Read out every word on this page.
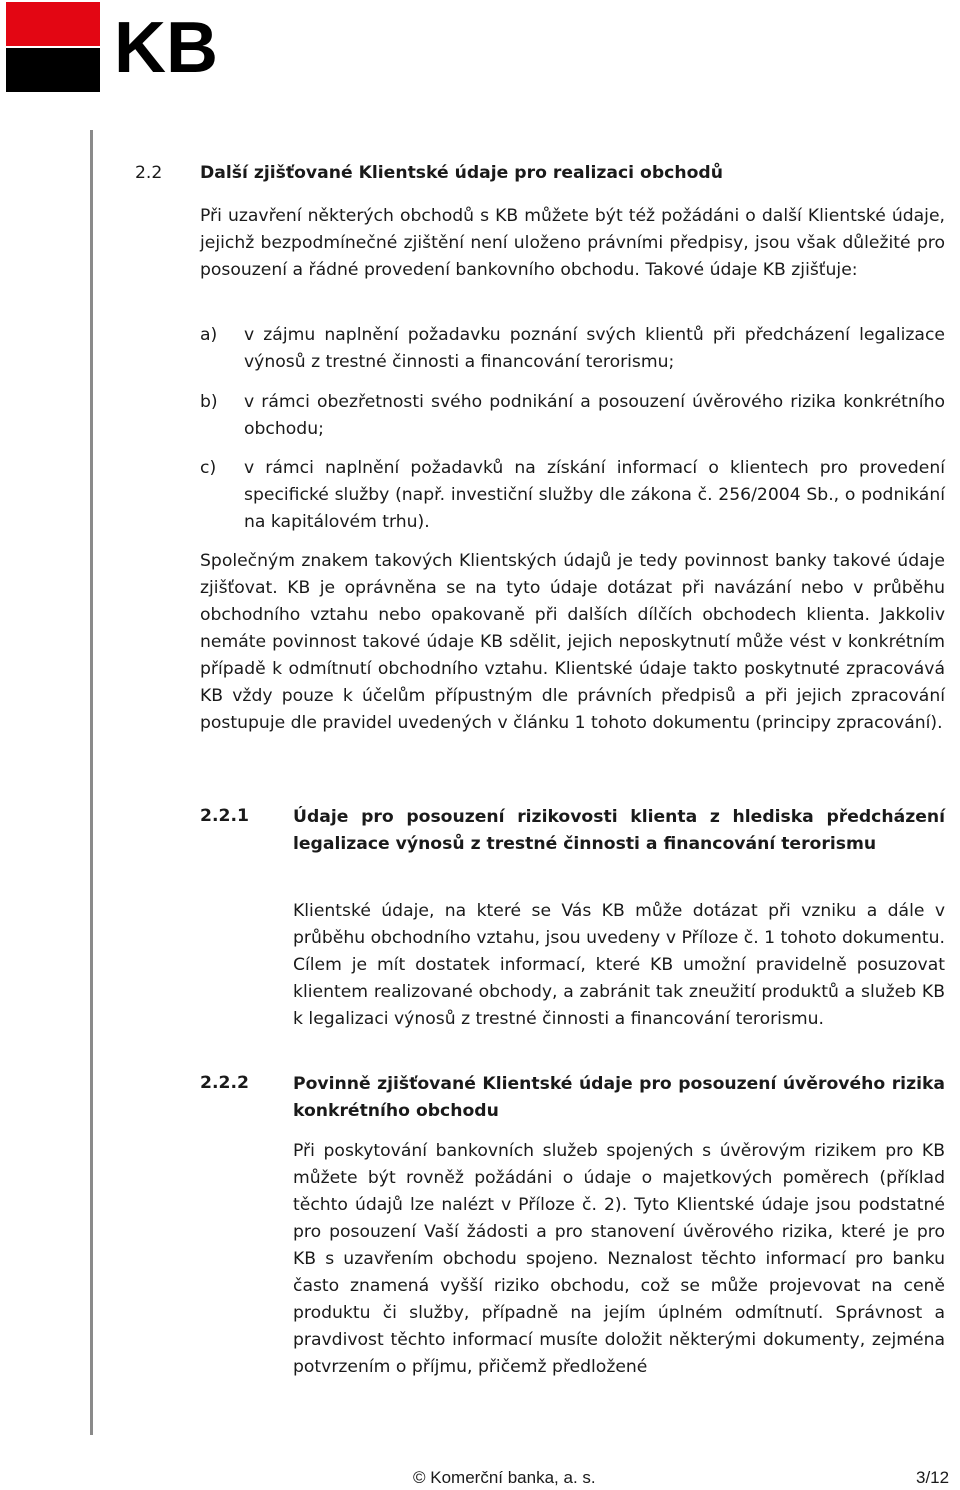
KB
2.2 Další zjišťované Klientské údaje pro realizaci obchodů
Při uzavření některých obchodů s KB můžete být též požádáni o další Klientské údaje, jejichž bezpodmínečné zjištění není uloženo právními předpisy, jsou však důležité pro posouzení a řádné provedení bankovního obchodu. Takové údaje KB zjišťuje:
a) v zájmu naplnění požadavku poznání svých klientů při předcházení legalizace výnosů z trestné činnosti a financování terorismu;
b) v rámci obezřetnosti svého podnikání a posouzení úvěrového rizika konkrétního obchodu;
c) v rámci naplnění požadavků na získání informací o klientech pro provedení specifické služby (např. investiční služby dle zákona č. 256/2004 Sb., o podnikání na kapitálovém trhu).
Společným znakem takových Klientských údajů je tedy povinnost banky takové údaje zjišťovat. KB je oprávněna se na tyto údaje dotázat při navázání nebo v průběhu obchodního vztahu nebo opakovaně při dalších dílčích obchodech klienta. Jakkoliv nemáte povinnost takové údaje KB sdělit, jejich neposkytnutí může vést v konkrétním případě k odmítnutí obchodního vztahu. Klientské údaje takto poskytnuté zpracovává KB vždy pouze k účelům přípustným dle právních předpisů a při jejich zpracování postupuje dle pravidel uvedených v článku 1 tohoto dokumentu (principy zpracování).
2.2.1	Údaje pro posouzení rizikovosti klienta z hlediska předcházení legalizace výnosů z trestné činnosti a financování terorismu
Klientské údaje, na které se Vás KB může dotázat při vzniku a dále v průběhu obchodního vztahu, jsou uvedeny v Příloze č. 1 tohoto dokumentu. Cílem je mít dostatek informací, které KB umožní pravidelně posuzovat klientem realizované obchody, a zabránit tak zneužití produktů a služeb KB k legalizaci výnosů z trestné činnosti a financování terorismu.
2.2.2	Povinně zjišťované Klientské údaje pro posouzení úvěrového rizika konkrétního obchodu
Při poskytování bankovních služeb spojených s úvěrovým rizikem pro KB můžete být rovněž požádáni o údaje o majetkových poměrech (příklad těchto údajů lze nalézt v Příloze č. 2). Tyto Klientské údaje jsou podstatné pro posouzení Vaší žádosti a pro stanovení úvěrového rizika, které je pro KB s uzavřením obchodu spojeno. Neznalost těchto informací pro banku často znamená vyšší riziko obchodu, což se může projevovat na ceně produktu či služby, případně na jejím úplném odmítnutí. Správnost a pravdivost těchto informací musíte doložit některými dokumenty, zejména potvrzením o příjmu, přičemž předložené
© Komerční banka, a. s.	3/12
